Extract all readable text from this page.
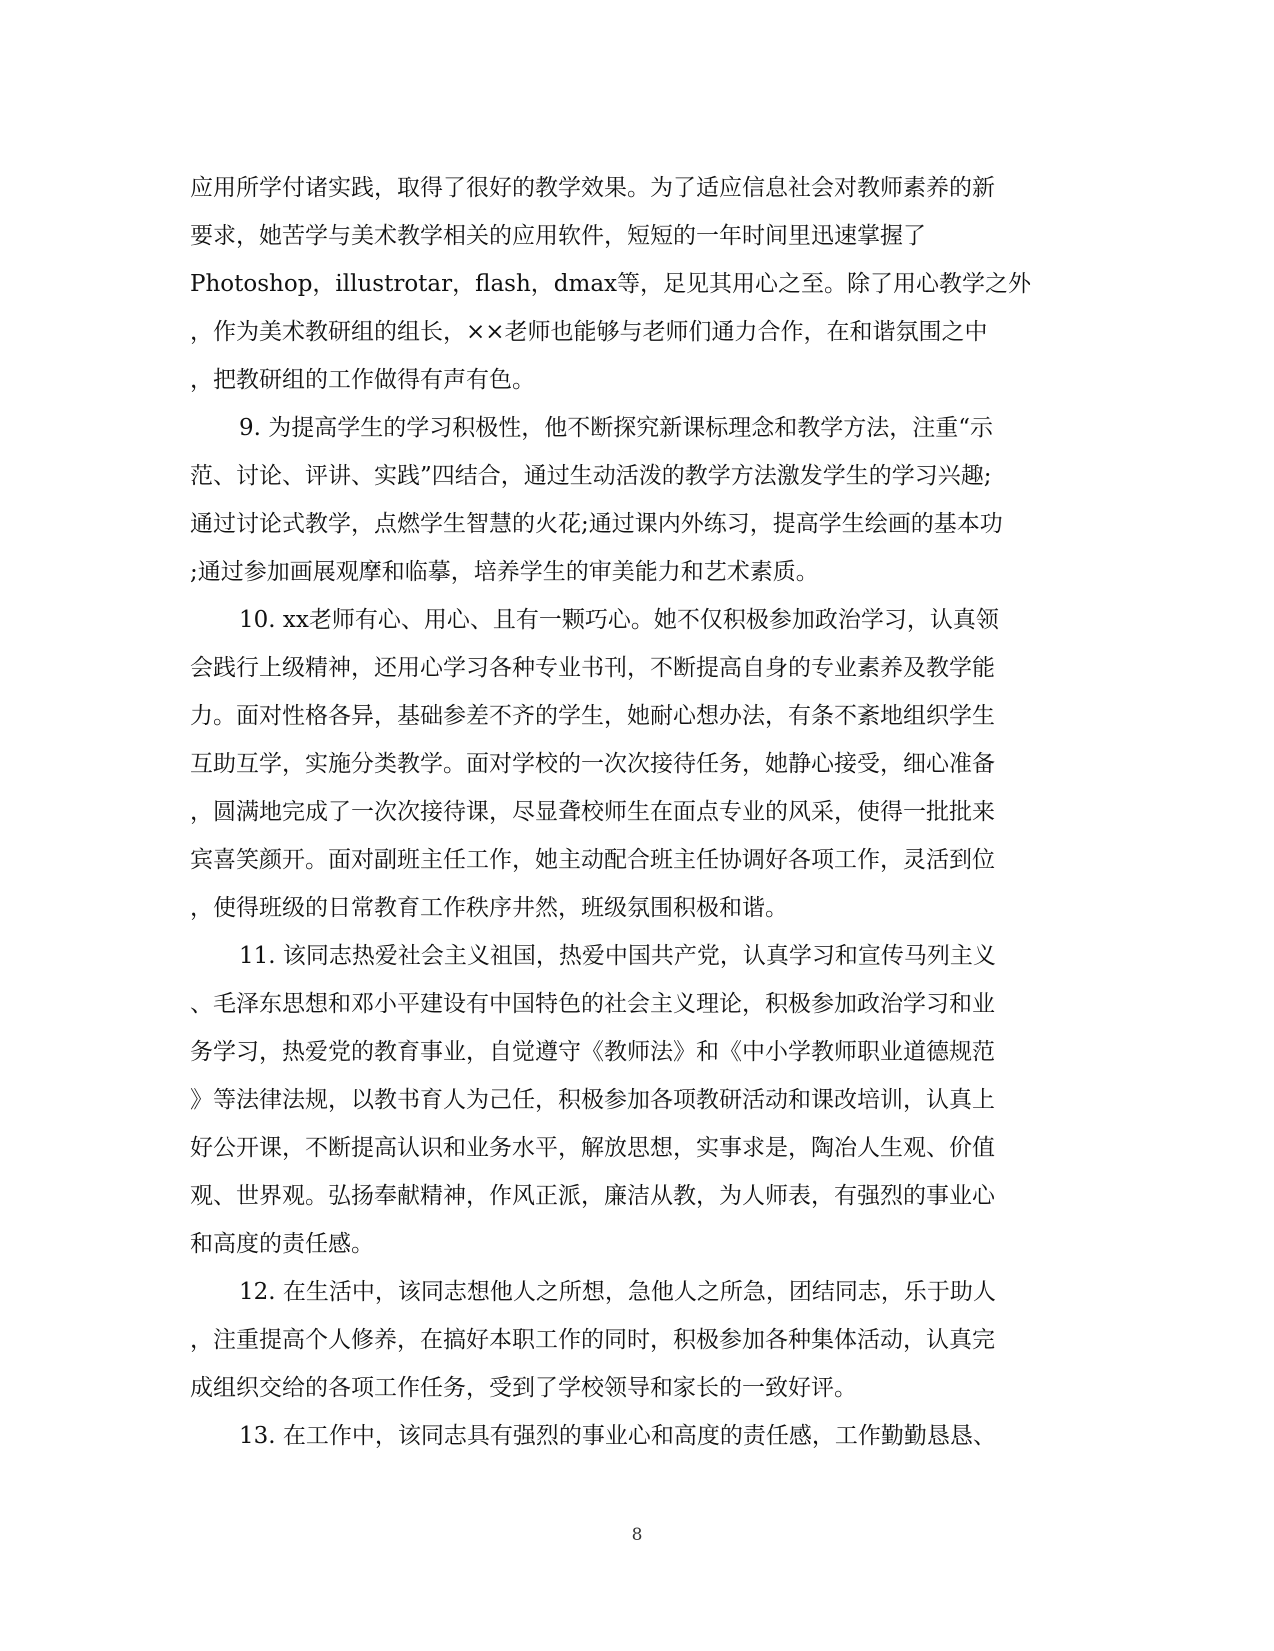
应用所学付诸实践，取得了很好的教学效果。为了适应信息社会对教师素养的新
要求，她苦学与美术教学相关的应用软件，短短的一年时间里迅速掌握了
Photoshop，illustrotar，flash，dmax等，足见其用心之至。除了用心教学之外
，作为美术教研组的组长，××老师也能够与老师们通力合作，在和谐氛围之中
，把教研组的工作做得有声有色。
9. 为提高学生的学习积极性，他不断探究新课标理念和教学方法，注重“示
范、讨论、评讲、实践”四结合，通过生动活泼的教学方法激发学生的学习兴趣;
通过讨论式教学，点燃学生智慧的火花;通过课内外练习，提高学生绘画的基本功
;通过参加画展观摩和临摹，培养学生的审美能力和艺术素质。
10. xx老师有心、用心、且有一颗巧心。她不仅积极参加政治学习，认真领
会践行上级精神，还用心学习各种专业书刊，不断提高自身的专业素养及教学能
力。面对性格各异，基础参差不齐的学生，她耐心想办法，有条不紊地组织学生
互助互学，实施分类教学。面对学校的一次次接待任务，她静心接受，细心准备
，圆满地完成了一次次接待课，尽显聋校师生在面点专业的风采，使得一批批来
宾喜笑颜开。面对副班主任工作，她主动配合班主任协调好各项工作，灵活到位
，使得班级的日常教育工作秩序井然，班级氛围积极和谐。
11. 该同志热爱社会主义祖国，热爱中国共产党，认真学习和宣传马列主义
、毛泽东思想和邓小平建设有中国特色的社会主义理论，积极参加政治学习和业
务学习，热爱党的教育事业，自觉遵守《教师法》和《中小学教师职业道德规范
》等法律法规，以教书育人为己任，积极参加各项教研活动和课改培训，认真上
好公开课，不断提高认识和业务水平，解放思想，实事求是，陶冶人生观、价值
观、世界观。弘扬奉献精神，作风正派，廉洁从教，为人师表，有强烈的事业心
和高度的责任感。
12. 在生活中，该同志想他人之所想，急他人之所急，团结同志，乐于助人
，注重提高个人修养，在搞好本职工作的同时，积极参加各种集体活动，认真完
成组织交给的各项工作任务，受到了学校领导和家长的一致好评。
13. 在工作中，该同志具有强烈的事业心和高度的责任感，工作勤勤恳恳、
8
